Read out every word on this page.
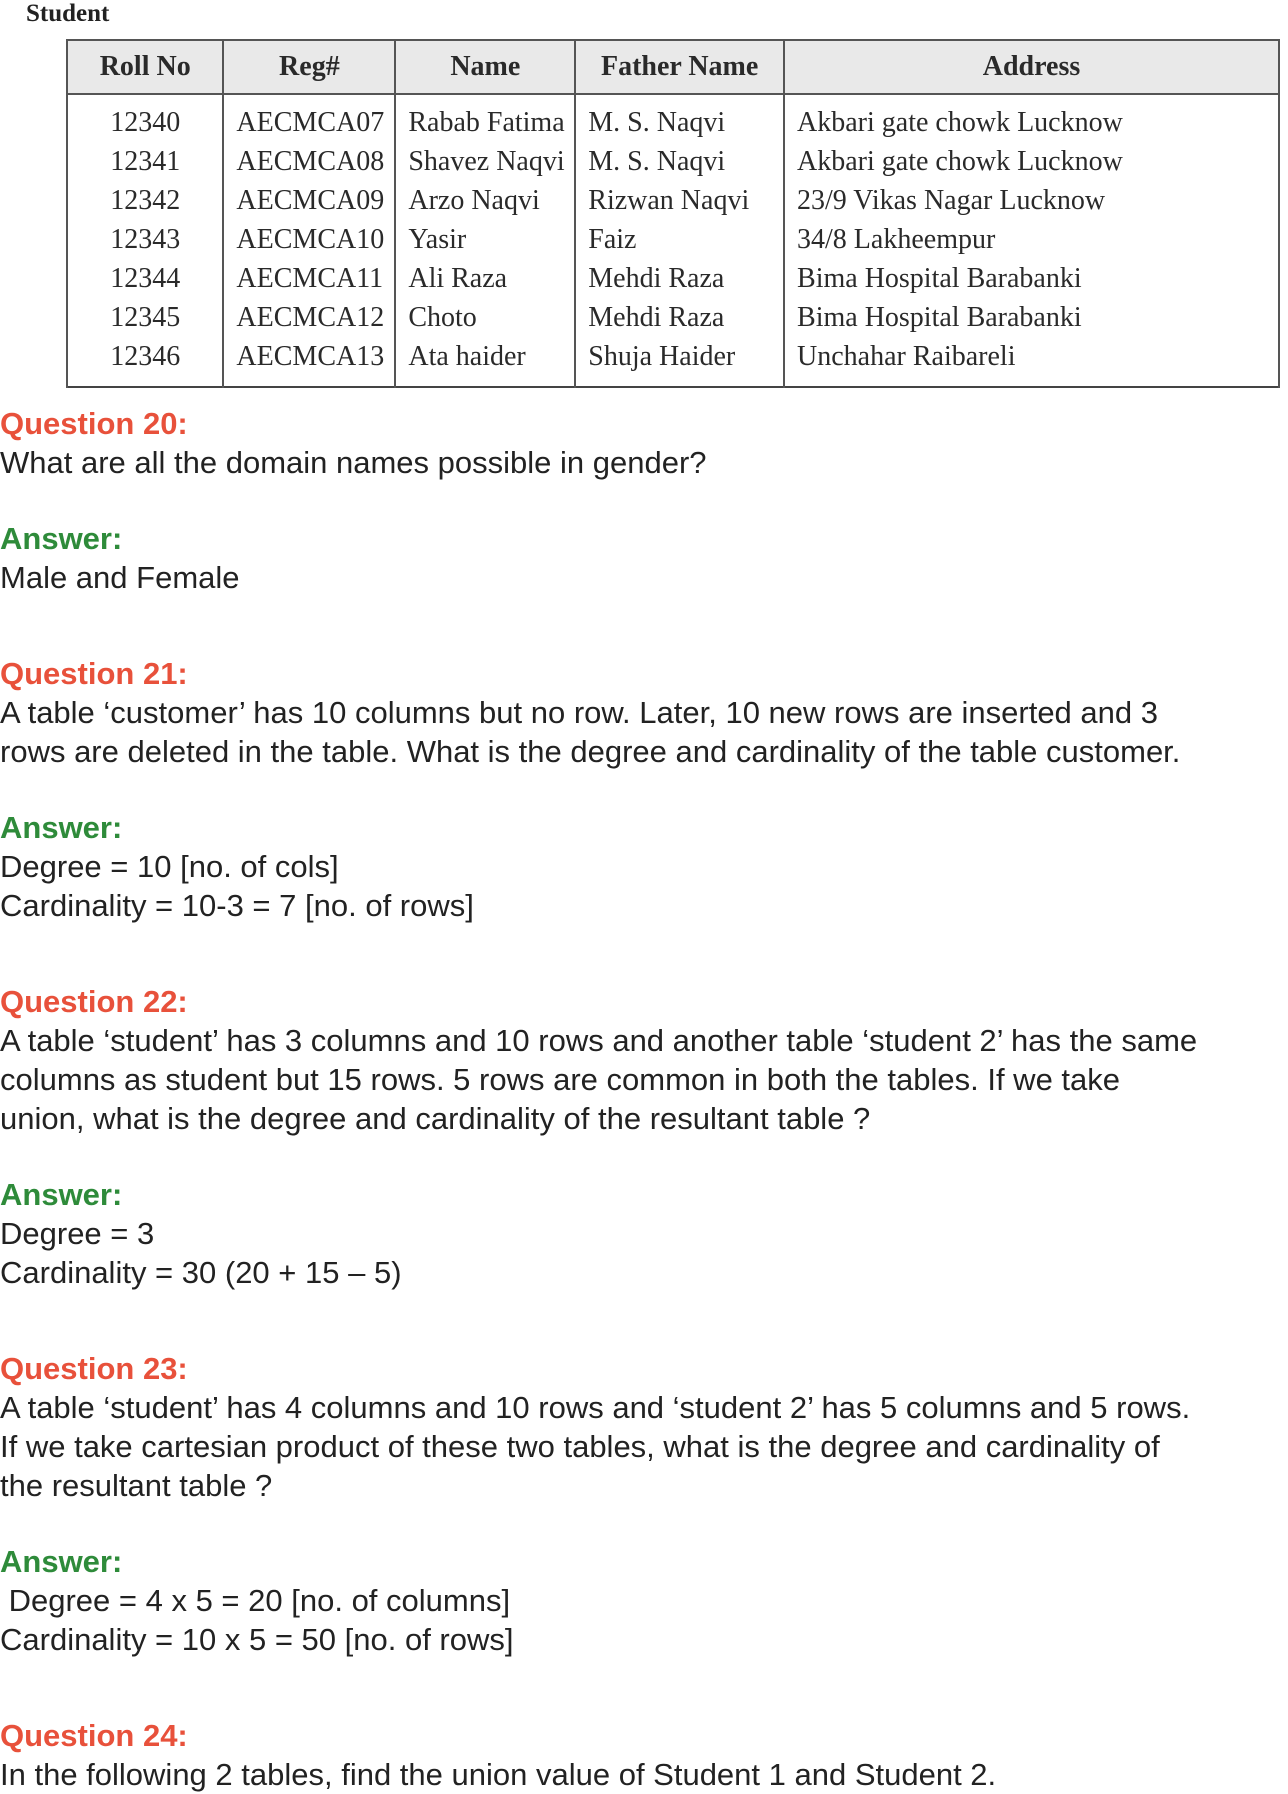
Student
Roll No	Reg#	Name	Father Name	Address
12340	AECMCA07	Rabab Fatima	M. S. Naqvi	Akbari gate chowk Lucknow
12341	AECMCA08	Shavez Naqvi	M. S. Naqvi	Akbari gate chowk Lucknow
12342	AECMCA09	Arzo Naqvi	Rizwan Naqvi	23/9 Vikas Nagar Lucknow
12343	AECMCA10	Yasir	Faiz	34/8 Lakheempur
12344	AECMCA11	Ali Raza	Mehdi Raza	Bima Hospital Barabanki
12345	AECMCA12	Choto	Mehdi Raza	Bima Hospital Barabanki
12346	AECMCA13	Ata haider	Shuja Haider	Unchahar Raibareli
Question 20:
What are all the domain names possible in gender?
Answer:
Male and Female
Question 21:
A table ‘customer’ has 10 columns but no row. Later, 10 new rows are inserted and 3
rows are deleted in the table. What is the degree and cardinality of the table customer.
Answer:
Degree = 10 [no. of cols]
Cardinality = 10-3 = 7 [no. of rows]
Question 22:
A table ‘student’ has 3 columns and 10 rows and another table ‘student 2’ has the same
columns as student but 15 rows. 5 rows are common in both the tables. If we take
union, what is the degree and cardinality of the resultant table ?
Answer:
Degree = 3
Cardinality = 30 (20 + 15 – 5)
Question 23:
A table ‘student’ has 4 columns and 10 rows and ‘student 2’ has 5 columns and 5 rows.
If we take cartesian product of these two tables, what is the degree and cardinality of
the resultant table ?
Answer:
Degree = 4 x 5 = 20 [no. of columns]
Cardinality = 10 x 5 = 50 [no. of rows]
Question 24:
In the following 2 tables, find the union value of Student 1 and Student 2.
